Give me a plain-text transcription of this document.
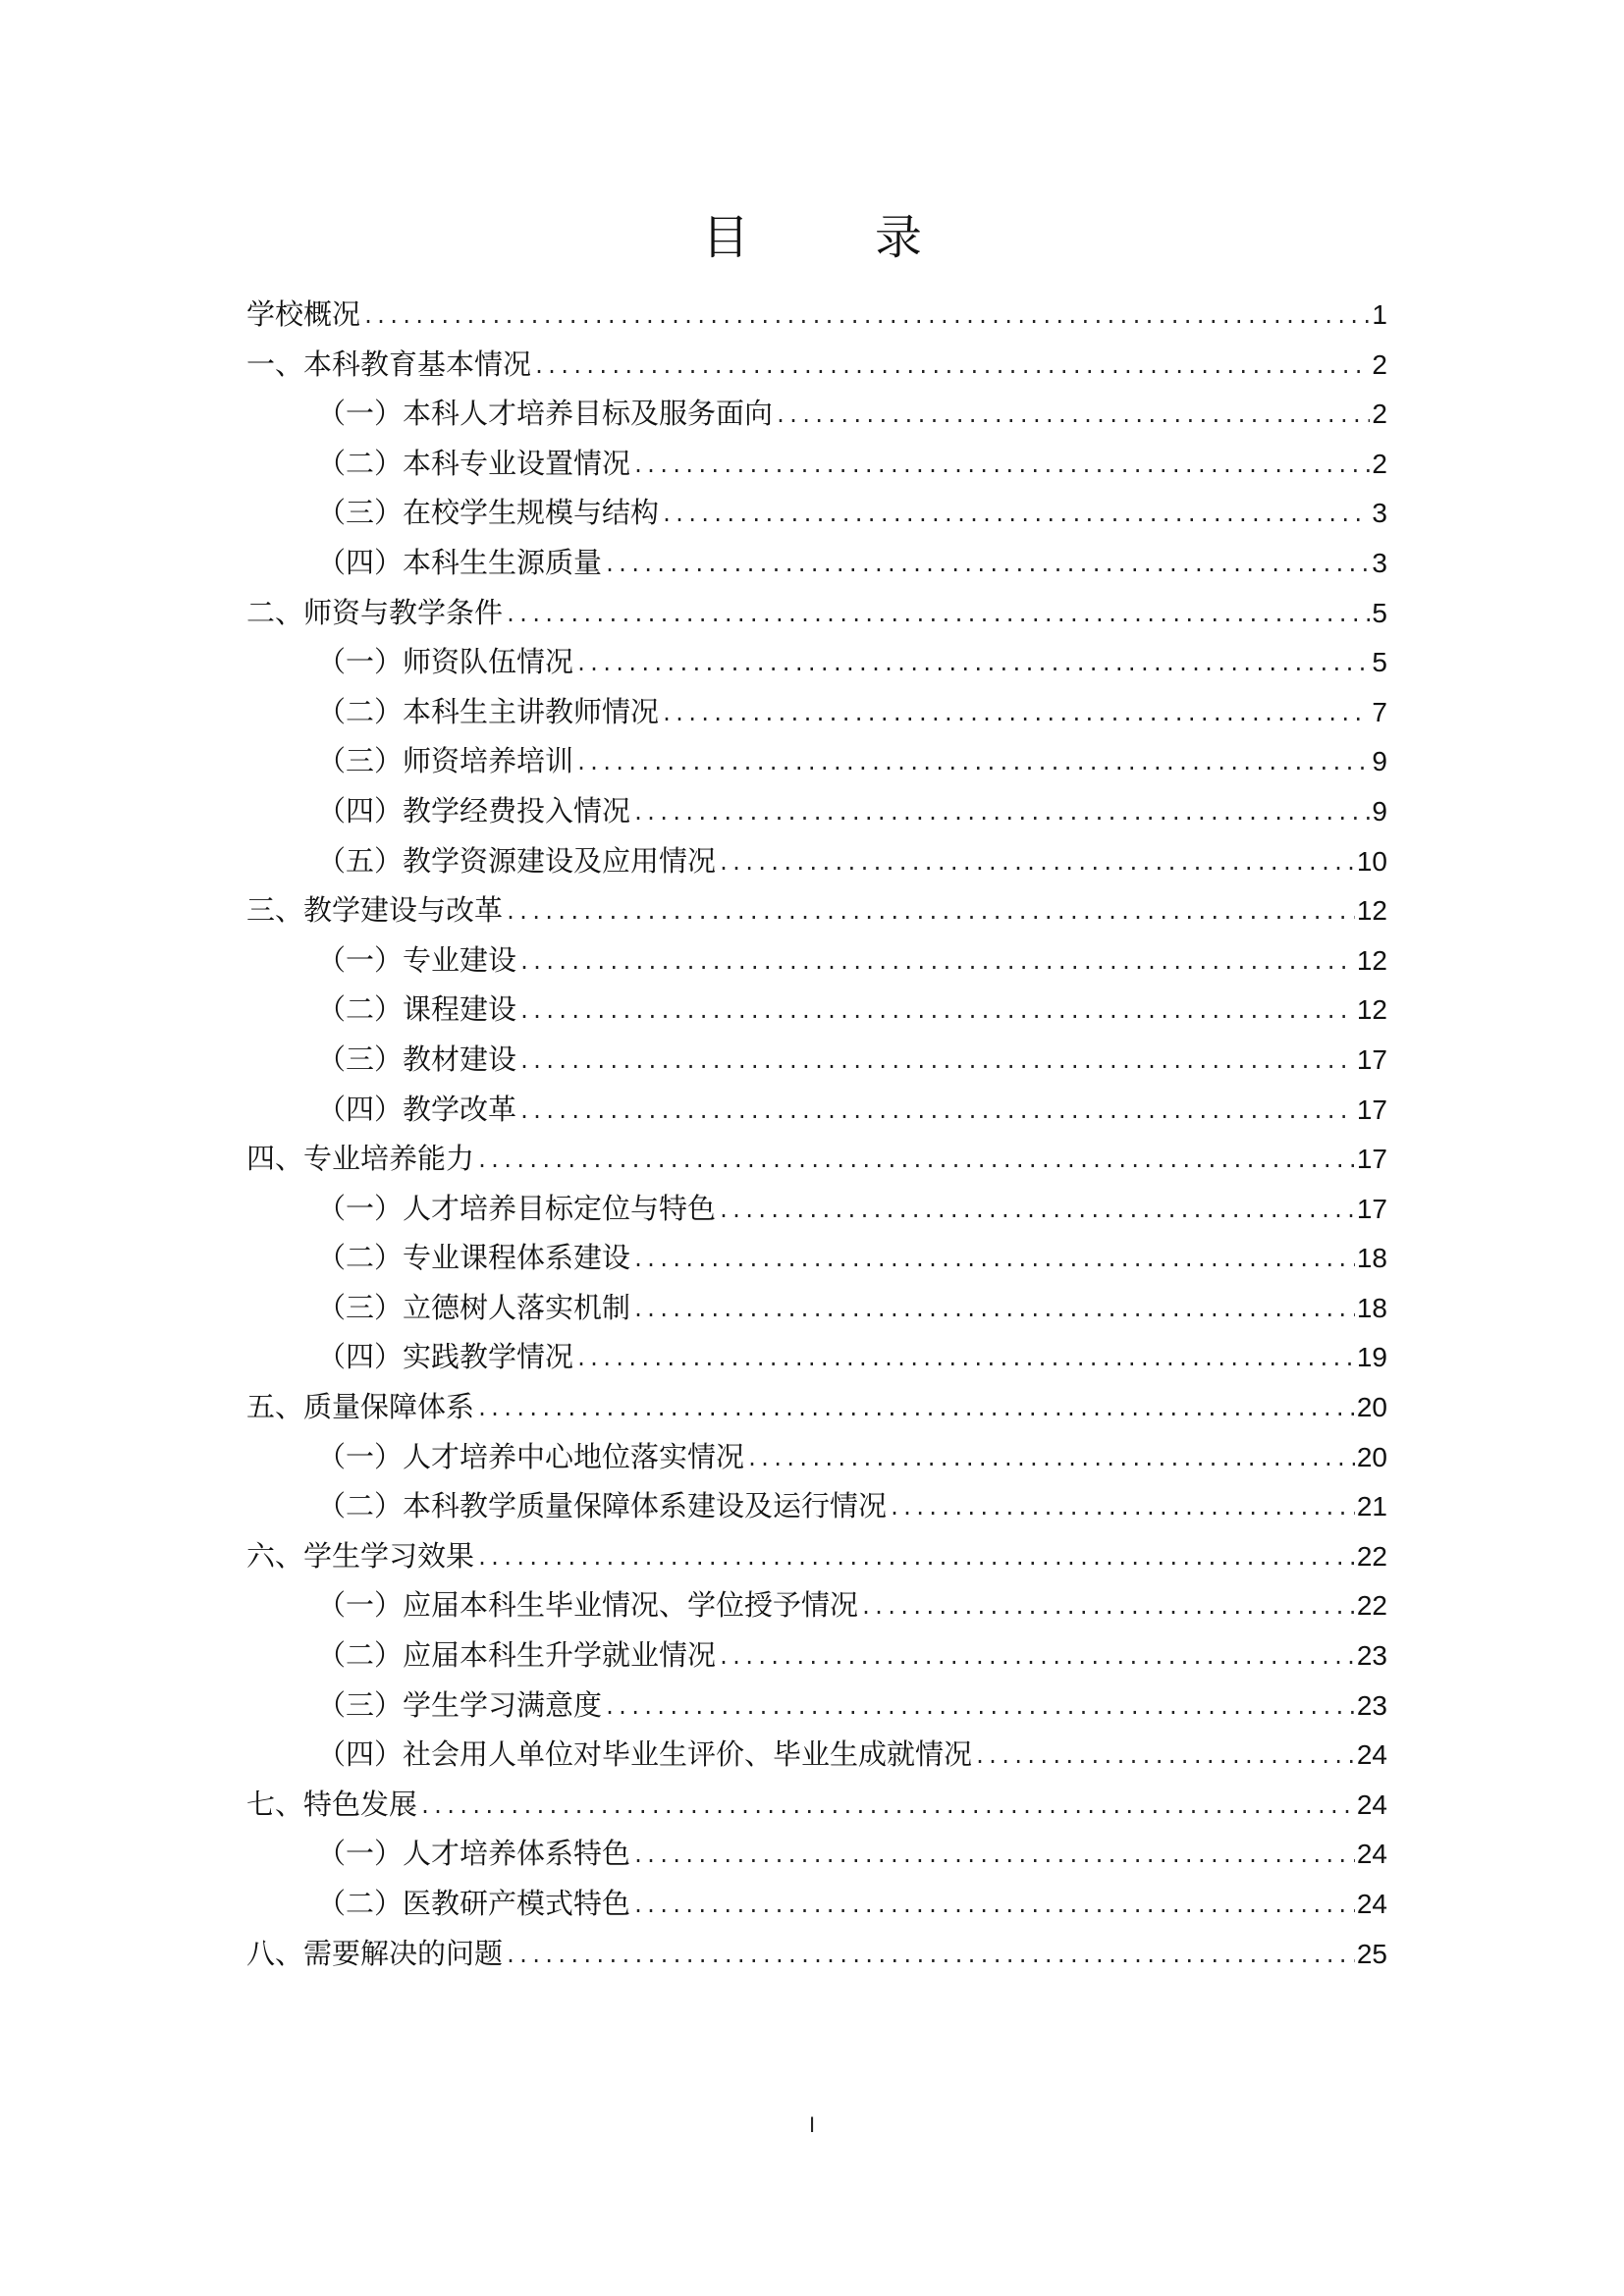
目　录
学校概况 .....	1
一、本科教育基本情况 .....	2
（一）本科人才培养目标及服务面向 .....	2
（二）本科专业设置情况 .....	2
（三）在校学生规模与结构 .....	3
（四）本科生生源质量 .....	3
二、师资与教学条件 .....	5
（一）师资队伍情况 .....	5
（二）本科生主讲教师情况 .....	7
（三）师资培养培训 .....	9
（四）教学经费投入情况 .....	9
（五）教学资源建设及应用情况 .....	10
三、教学建设与改革 .....	12
（一）专业建设 .....	12
（二）课程建设 .....	12
（三）教材建设 .....	17
（四）教学改革 .....	17
四、专业培养能力 .....	17
（一）人才培养目标定位与特色 .....	17
（二）专业课程体系建设 .....	18
（三）立德树人落实机制 .....	18
（四）实践教学情况 .....	19
五、质量保障体系 .....	20
（一）人才培养中心地位落实情况 .....	20
（二）本科教学质量保障体系建设及运行情况 .....	21
六、学生学习效果 .....	22
（一）应届本科生毕业情况、学位授予情况 .....	22
（二）应届本科生升学就业情况 .....	23
（三）学生学习满意度 .....	23
（四）社会用人单位对毕业生评价、毕业生成就情况 .....	24
七、特色发展 .....	24
（一）人才培养体系特色 .....	24
（二）医教研产模式特色 .....	24
八、需要解决的问题 .....	25
I
